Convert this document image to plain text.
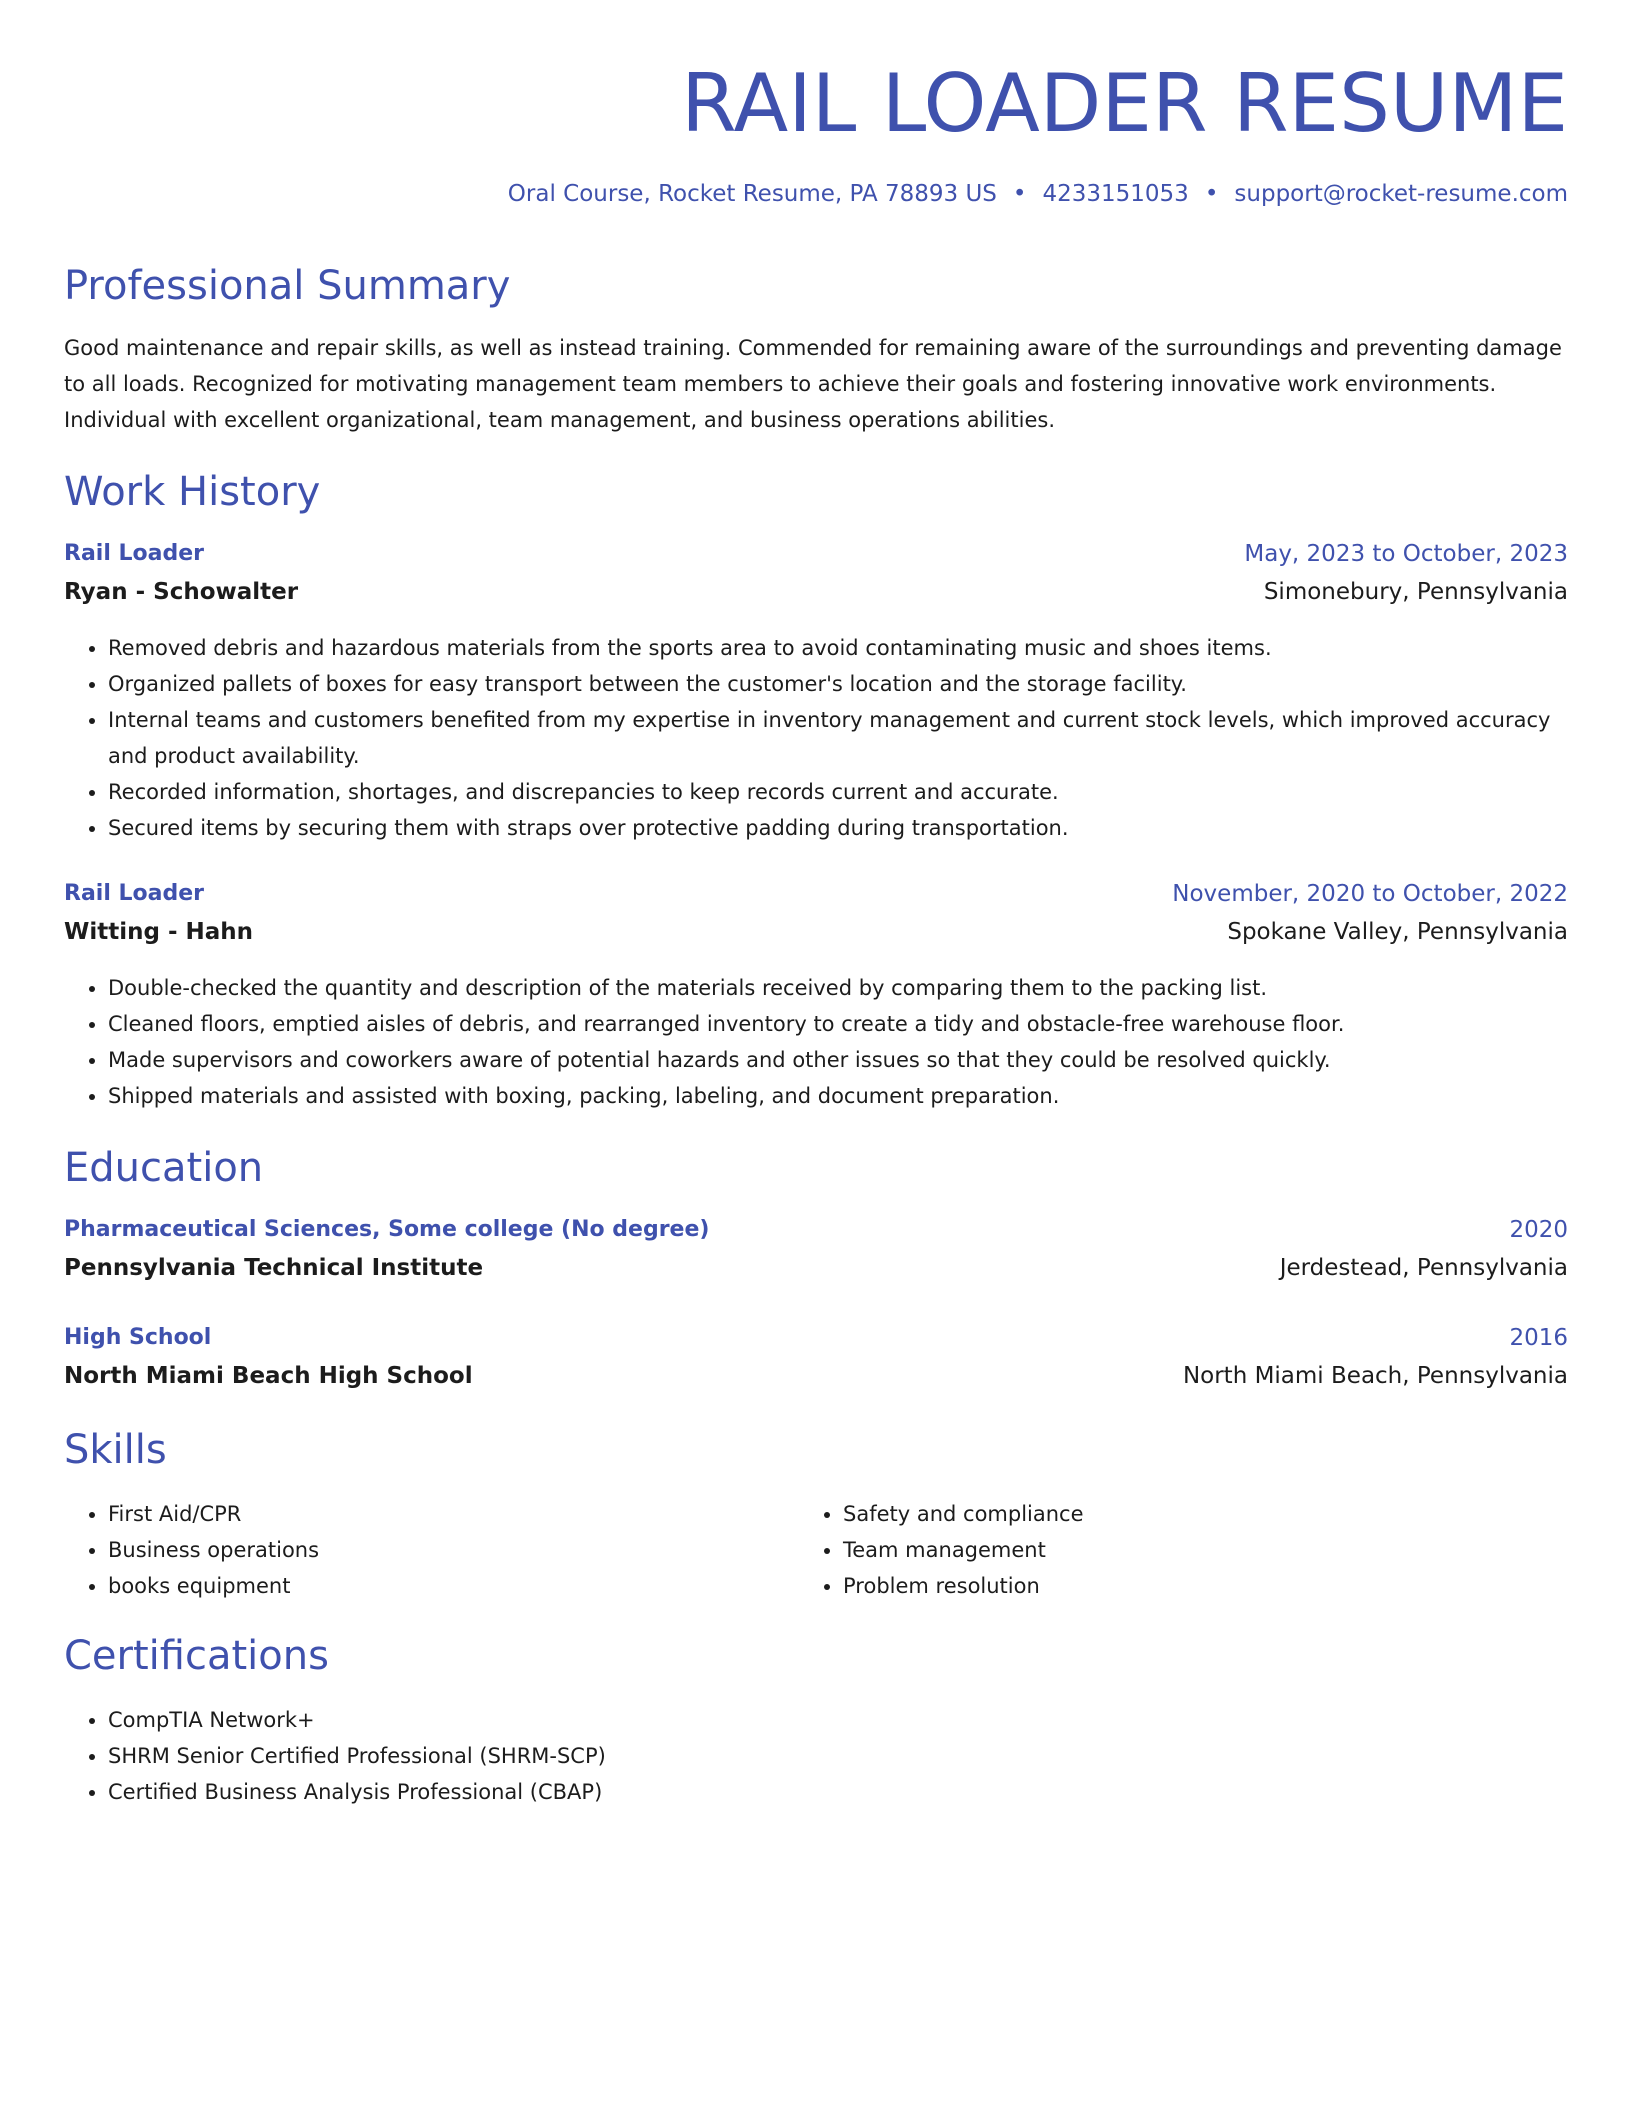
RAIL LOADER RESUME
Oral Course, Rocket Resume, PA 78893 US • 4233151053 • support@rocket-resume.com
Professional Summary
Good maintenance and repair skills, as well as instead training. Commended for remaining aware of the surroundings and preventing damage to all loads. Recognized for motivating management team members to achieve their goals and fostering innovative work environments. Individual with excellent organizational, team management, and business operations abilities.
Work History
Rail Loader	May, 2023 to October, 2023
Ryan - Schowalter	Simonebury, Pennsylvania
• Removed debris and hazardous materials from the sports area to avoid contaminating music and shoes items.
• Organized pallets of boxes for easy transport between the customer's location and the storage facility.
• Internal teams and customers benefited from my expertise in inventory management and current stock levels, which improved accuracy and product availability.
• Recorded information, shortages, and discrepancies to keep records current and accurate.
• Secured items by securing them with straps over protective padding during transportation.
Rail Loader	November, 2020 to October, 2022
Witting - Hahn	Spokane Valley, Pennsylvania
• Double-checked the quantity and description of the materials received by comparing them to the packing list.
• Cleaned floors, emptied aisles of debris, and rearranged inventory to create a tidy and obstacle-free warehouse floor.
• Made supervisors and coworkers aware of potential hazards and other issues so that they could be resolved quickly.
• Shipped materials and assisted with boxing, packing, labeling, and document preparation.
Education
Pharmaceutical Sciences, Some college (No degree)	2020
Pennsylvania Technical Institute	Jerdestead, Pennsylvania
High School	2016
North Miami Beach High School	North Miami Beach, Pennsylvania
Skills
• First Aid/CPR
• Business operations
• books equipment
• Safety and compliance
• Team management
• Problem resolution
Certifications
• CompTIA Network+
• SHRM Senior Certified Professional (SHRM-SCP)
• Certified Business Analysis Professional (CBAP)
